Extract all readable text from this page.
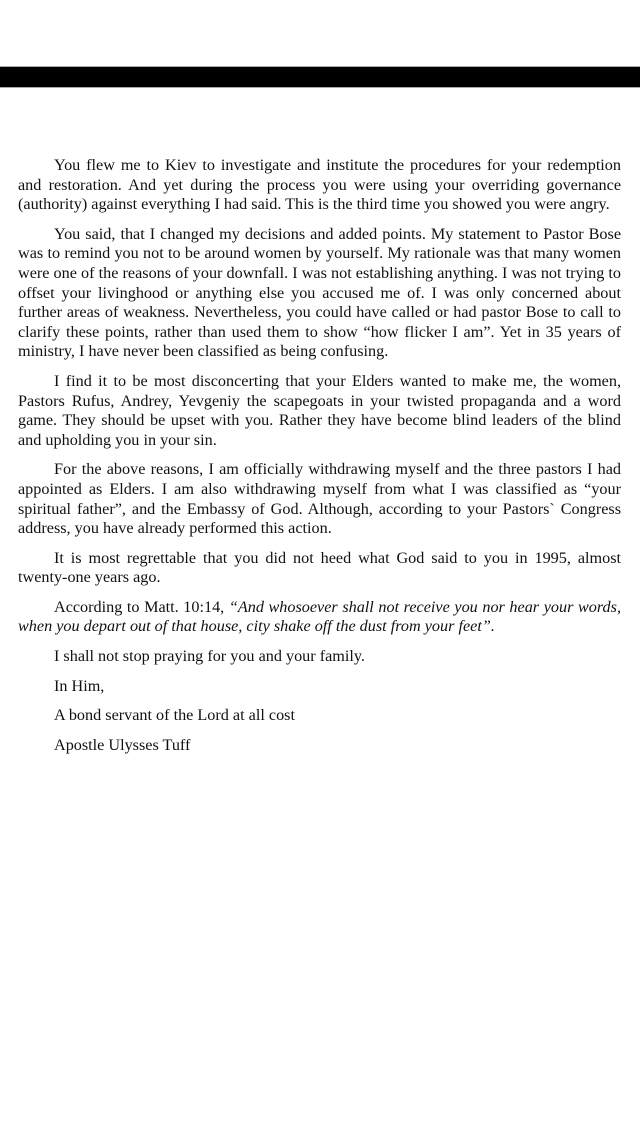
You flew me to Kiev to investigate and institute the procedures for your redemption and restoration. And yet during the process you were using your overriding governance (authority) against everything I had said. This is the third time you showed you were angry.

You said, that I changed my decisions and added points. My statement to Pastor Bose was to remind you not to be around women by yourself. My rationale was that many women were one of the reasons of your downfall. I was not establishing anything. I was not trying to offset your livinghood or anything else you accused me of. I was only concerned about further areas of weakness. Nevertheless, you could have called or had pastor Bose to call to clarify these points, rather than used them to show “how flicker I am”. Yet in 35 years of ministry, I have never been classified as being confusing.

I find it to be most disconcerting that your Elders wanted to make me, the women, Pastors Rufus, Andrey, Yevgeniy the scapegoats in your twisted propaganda and a word game. They should be upset with you. Rather they have become blind leaders of the blind and upholding you in your sin.

For the above reasons, I am officially withdrawing myself and the three pastors I had appointed as Elders. I am also withdrawing myself from what I was classified as “your spiritual father”, and the Embassy of God. Although, according to your Pastors` Congress address, you have already performed this action.

It is most regrettable that you did not heed what God said to you in 1995, almost twenty-one years ago.

According to Matt. 10:14, “And whosoever shall not receive you nor hear your words, when you depart out of that house, city shake off the dust from your feet”.

I shall not stop praying for you and your family.

In Him,

A bond servant of the Lord at all cost

Apostle Ulysses Tuff
